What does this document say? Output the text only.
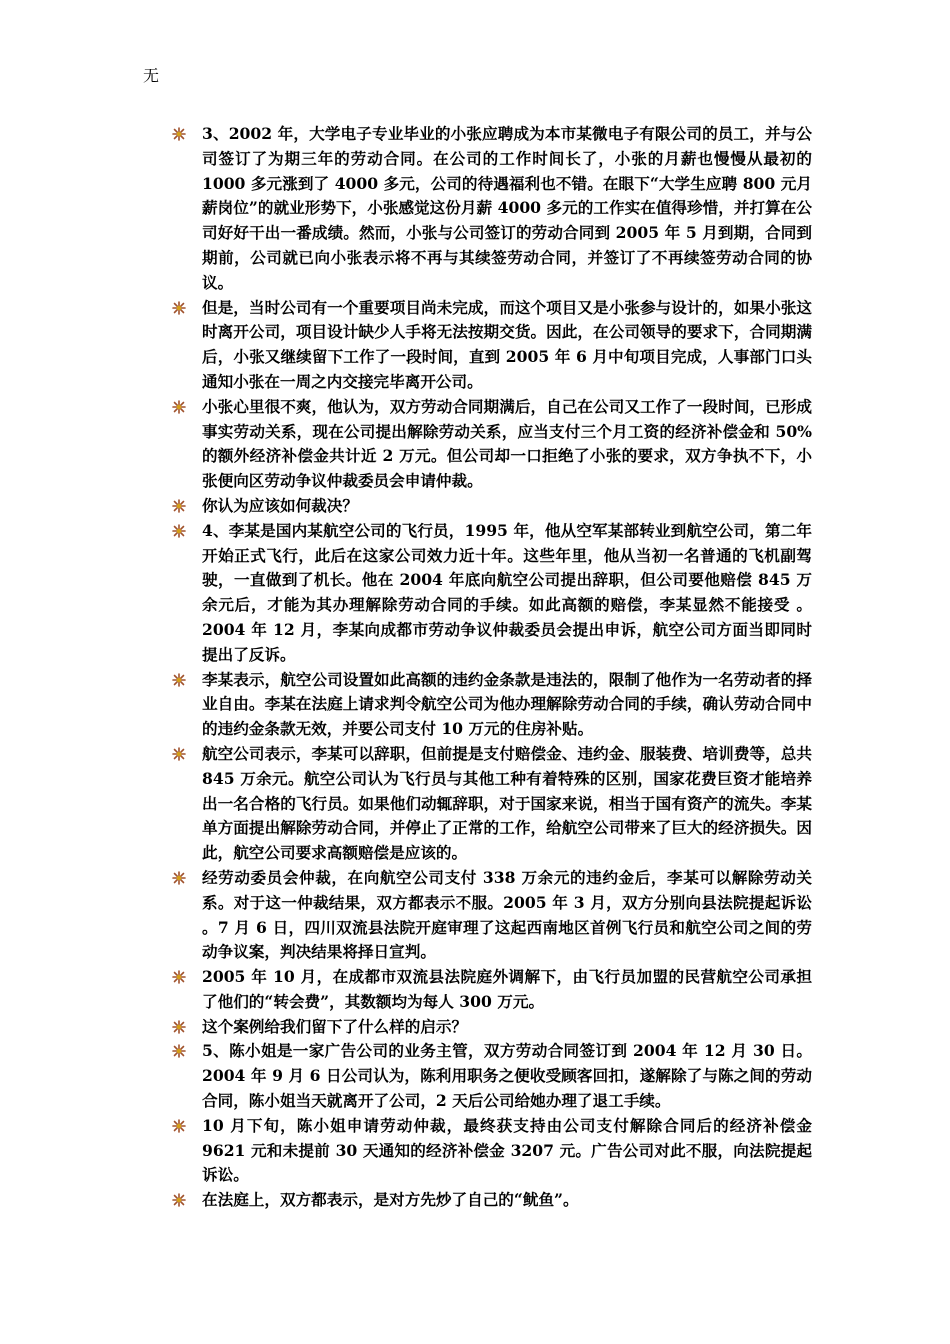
无

3、2002 年，大学电子专业毕业的小张应聘成为本市某微电子有限公司的员工，并与公司签订了为期三年的劳动合同。在公司的工作时间长了，小张的月薪也慢慢从最初的 1000 多元涨到了 4000 多元，公司的待遇福利也不错。在眼下“大学生应聘 800 元月薪岗位”的就业形势下，小张感觉这份月薪 4000 多元的工作实在值得珍惜，并打算在公司好好干出一番成绩。然而，小张与公司签订的劳动合同到 2005 年 5 月到期，合同到期前，公司就已向小张表示将不再与其续签劳动合同，并签订了不再续签劳动合同的协议。

但是，当时公司有一个重要项目尚未完成，而这个项目又是小张参与设计的，如果小张这时离开公司，项目设计缺少人手将无法按期交货。因此，在公司领导的要求下，合同期满后，小张又继续留下工作了一段时间，直到 2005 年 6 月中旬项目完成，人事部门口头通知小张在一周之内交接完毕离开公司。

小张心里很不爽，他认为，双方劳动合同期满后，自己在公司又工作了一段时间，已形成事实劳动关系，现在公司提出解除劳动关系，应当支付三个月工资的经济补偿金和 50% 的额外经济补偿金共计近 2 万元。但公司却一口拒绝了小张的要求，双方争执不下，小张便向区劳动争议仲裁委员会申请仲裁。

你认为应该如何裁决？

4、李某是国内某航空公司的飞行员，1995 年，他从空军某部转业到航空公司，第二年开始正式飞行，此后在这家公司效力近十年。这些年里，他从当初一名普通的飞机副驾驶，一直做到了机长。他在 2004 年底向航空公司提出辞职，但公司要他赔偿 845 万余元后，才能为其办理解除劳动合同的手续。如此高额的赔偿，李某显然不能接受 。2004 年 12 月，李某向成都市劳动争议仲裁委员会提出申诉，航空公司方面当即同时提出了反诉。

李某表示，航空公司设置如此高额的违约金条款是违法的，限制了他作为一名劳动者的择业自由。李某在法庭上请求判令航空公司为他办理解除劳动合同的手续，确认劳动合同中的违约金条款无效，并要公司支付 10 万元的住房补贴。

航空公司表示，李某可以辞职，但前提是支付赔偿金、违约金、服装费、培训费等，总共 845 万余元。航空公司认为飞行员与其他工种有着特殊的区别，国家花费巨资才能培养出一名合格的飞行员。如果他们动辄辞职，对于国家来说，相当于国有资产的流失。李某单方面提出解除劳动合同，并停止了正常的工作，给航空公司带来了巨大的经济损失。因此，航空公司要求高额赔偿是应该的。

经劳动委员会仲裁，在向航空公司支付 338 万余元的违约金后，李某可以解除劳动关系。对于这一仲裁结果，双方都表示不服。2005 年 3 月，双方分别向县法院提起诉讼 。7 月 6 日，四川双流县法院开庭审理了这起西南地区首例飞行员和航空公司之间的劳动争议案，判决结果将择日宣判。

2005 年 10 月，在成都市双流县法院庭外调解下，由飞行员加盟的民营航空公司承担了他们的“转会费”，其数额均为每人 300 万元。

这个案例给我们留下了什么样的启示？

5、陈小姐是一家广告公司的业务主管，双方劳动合同签订到 2004 年 12 月 30 日。2004 年 9 月 6 日公司认为，陈利用职务之便收受顾客回扣，遂解除了与陈之间的劳动合同，陈小姐当天就离开了公司，2 天后公司给她办理了退工手续。

10 月下旬，陈小姐申请劳动仲裁，最终获支持由公司支付解除合同后的经济补偿金 9621 元和未提前 30 天通知的经济补偿金 3207 元。广告公司对此不服，向法院提起诉讼。

在法庭上，双方都表示，是对方先炒了自己的“鱿鱼”。
